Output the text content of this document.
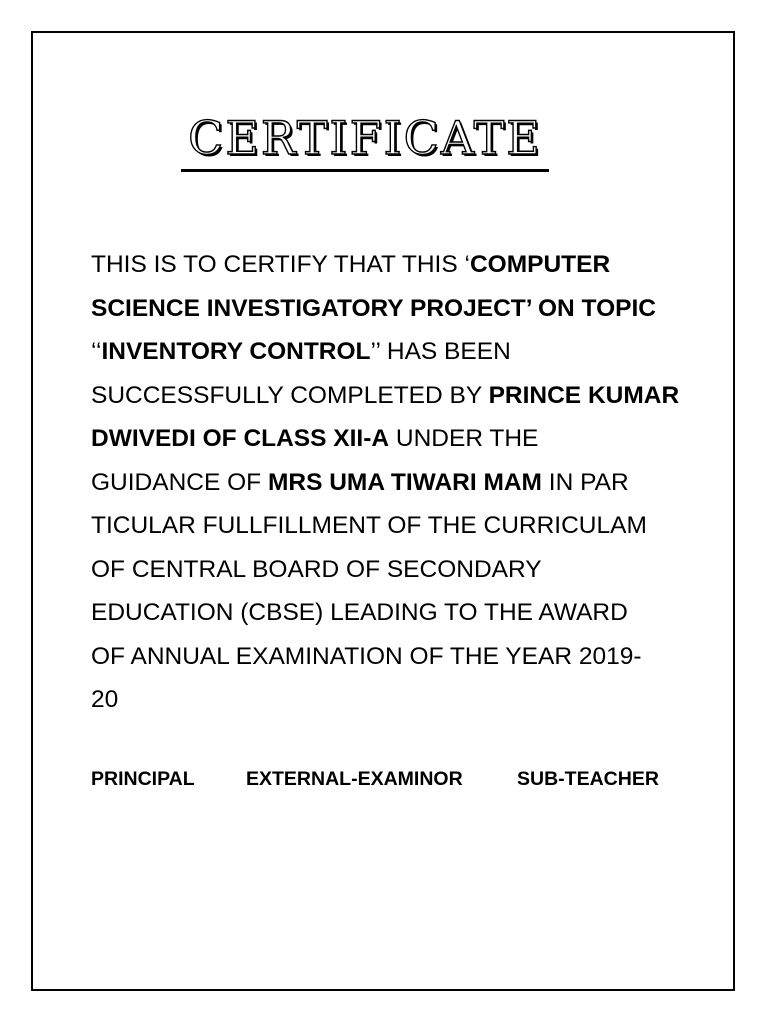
CERTIFICATE
THIS IS TO CERTIFY THAT THIS ‘COMPUTER
SCIENCE INVESTIGATORY PROJECT’ ON TOPIC
‘‘INVENTORY CONTROL’’ HAS BEEN
SUCCESSFULLY COMPLETED BY PRINCE KUMAR
DWIVEDI OF CLASS XII-A UNDER THE
GUIDANCE OF MRS UMA TIWARI MAM IN PAR
TICULAR FULLFILLMENT OF THE CURRICULAM
OF CENTRAL BOARD OF SECONDARY
EDUCATION (CBSE) LEADING TO THE AWARD
OF ANNUAL EXAMINATION OF THE YEAR 2019-
20
PRINCIPAL	EXTERNAL-EXAMINOR	SUB-TEACHER
